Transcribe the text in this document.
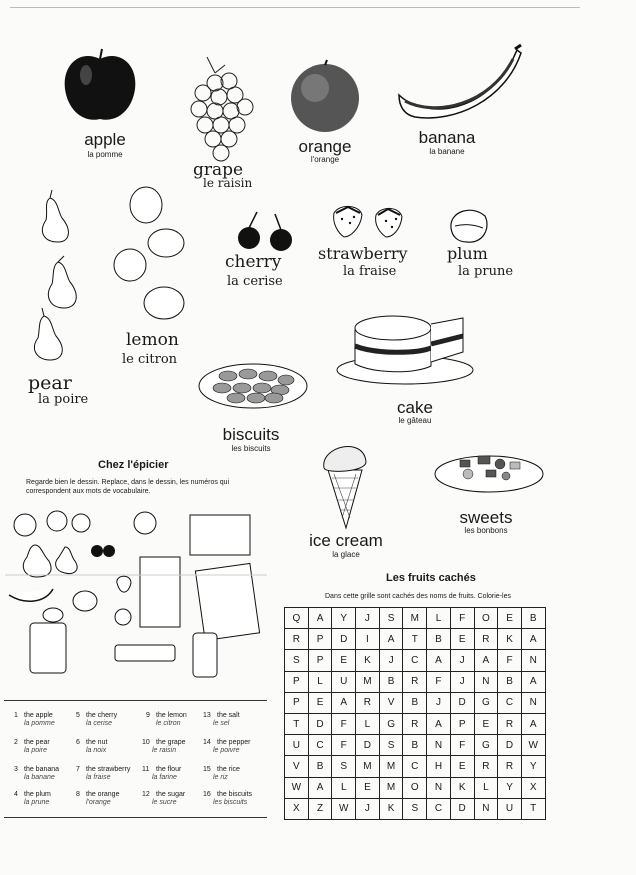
apple
la pomme
grape
le raisin
orange
l'orange
banana
la banane
cherry
la cerise
strawberry
la fraise
plum
la prune
lemon
le citron
pear
la poire	cake
le gâteau
biscuits
les biscuits
ice cream
la glace
sweets
les bonbons
Chez l'épicier
Regarde bien le dessin. Replace, dans le dessin, les numéros qui correspondent aux mots de vocabulaire.
1 the apple
la pomme
2 the pear
la poire
3 the banana
la banane
4 the plum
la prune
5 the cherry
la cerise
6 the nut
la noix
7 the strawberry
la fraise
8 the orange
l'orange
9 the lemon
le citron
10 the grape
le raisin
11 the flour
la farine
12 the sugar
le sucre
13 the salt
le sel
14 the pepper
le poivre
15 the rice
le riz
16 the biscuits
les biscuits
Les fruits cachés
Dans cette grille sont cachés des noms de fruits. Colorie-les
Q	A	Y	J	S	M	L	F	O	E	B
R	P	D	I	A	T	B	E	R	K	A
S	P	E	K	J	C	A	J	A	F	N
P	L	U	M	B	R	F	J	N	B	A
P	E	A	R	V	B	J	D	G	C	N
T	D	F	L	G	R	A	P	E	R	A
U	C	F	D	S	B	N	F	G	D	W
V	B	S	M	M	C	H	E	R	R	Y
W	A	L	E	M	O	N	K	L	Y	X
X	Z	W	J	K	S	C	D	N	U	T
